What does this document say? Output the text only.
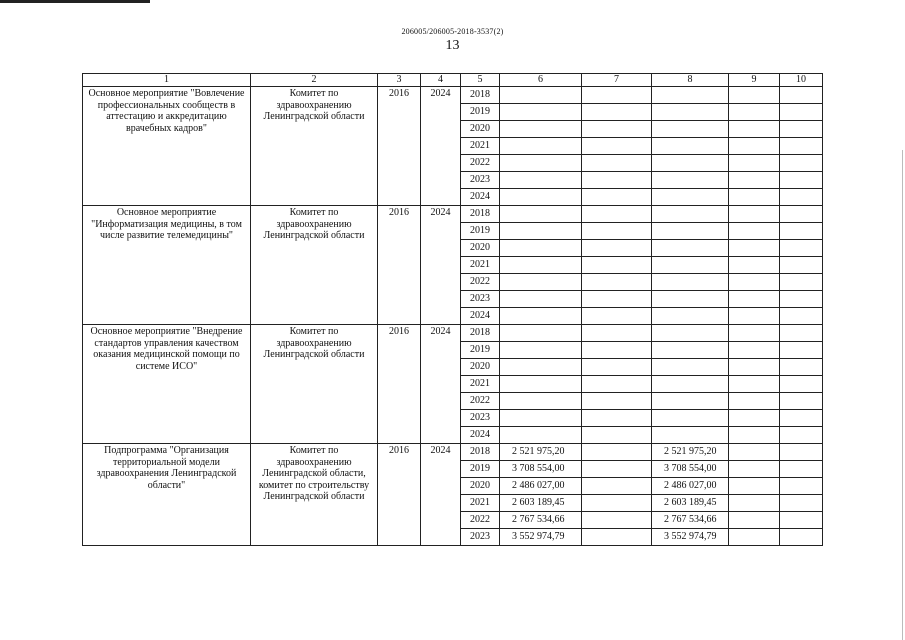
206005/206005-2018-3537(2)
13
1	2	3	4	5	6	7	8	9	10
Основное мероприятие "Вовлечение профессиональных сообществ в аттестацию и аккредитацию врачебных кадров"	Комитет по здравоохранению Ленинградской области	2016	2024	2018					
				2019					
				2020					
				2021					
				2022					
				2023					
				2024					
Основное мероприятие "Информатизация медицины, в том числе развитие телемедицины"	Комитет по здравоохранению Ленинградской области	2016	2024	2018					
				2019					
				2020					
				2021					
				2022					
				2023					
				2024					
Основное мероприятие "Внедрение стандартов управления качеством оказания медицинской помощи по системе ИСО"	Комитет по здравоохранению Ленинградской области	2016	2024	2018					
				2019					
				2020					
				2021					
				2022					
				2023					
				2024					
Подпрограмма "Организация территориальной модели здравоохранения Ленинградской области"	Комитет по здравоохранению Ленинградской области, комитет по строительству Ленинградской области	2016	2024	2018	2 521 975,20		2 521 975,20		
				2019	3 708 554,00		3 708 554,00		
				2020	2 486 027,00		2 486 027,00		
				2021	2 603 189,45		2 603 189,45		
				2022	2 767 534,66		2 767 534,66		
				2023	3 552 974,79		3 552 974,79		
